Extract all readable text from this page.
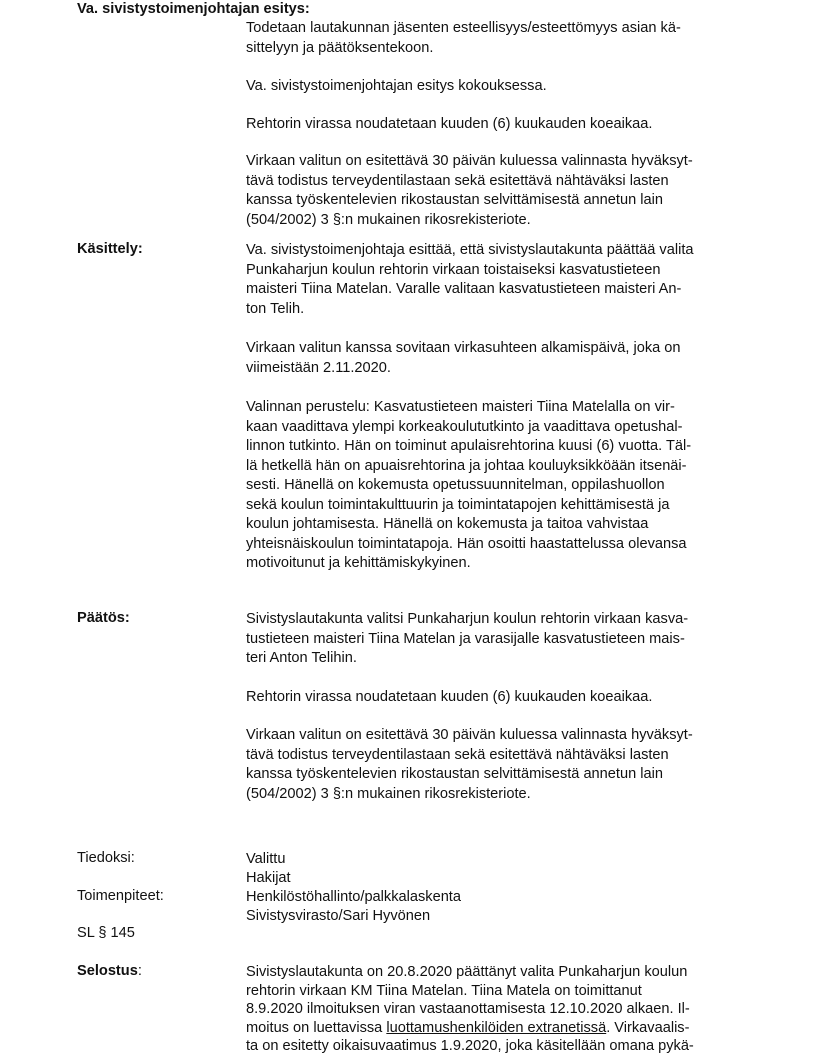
Va. sivistystoimenjohtajan esitys:

Todetaan lautakunnan jäsenten esteellisyys/esteettömyys asian kä-
sittelyyn ja päätöksentekoon.

Va. sivistystoimenjohtajan esitys kokouksessa.

Rehtorin virassa noudatetaan kuuden (6) kuukauden koeaikaa.

Virkaan valitun on esitettävä 30 päivän kuluessa valinnasta hyväksyt-
tävä todistus terveydentilastaan sekä esitettävä nähtäväksi lasten
kanssa työskentelevien rikostaustan selvittämisestä annetun lain
(504/2002) 3 §:n mukainen rikosrekisteriote.

Käsittely:	Va. sivistystoimenjohtaja esittää, että sivistyslautakunta päättää valita
Punkaharjun koulun rehtorin virkaan toistaiseksi kasvatustieteen
maisteri Tiina Matelan. Varalle valitaan kasvatustieteen maisteri An-
ton Telih.

Virkaan valitun kanssa sovitaan virkasuhteen alkamispäivä, joka on
viimeistään 2.11.2020.

Valinnan perustelu: Kasvatustieteen maisteri Tiina Matelalla on vir-
kaan vaadittava ylempi korkeakoulututkinto ja vaadittava opetushal-
linnon tutkinto. Hän on toiminut apulaisrehtorina kuusi (6) vuotta. Täl-
lä hetkellä hän on apuaisrehtorina ja johtaa kouluyksikköään itsenäi-
sesti. Hänellä on kokemusta opetussuunnitelman, oppilashuollon
sekä koulun toimintakulttuurin ja toimintatapojen kehittämisestä ja
koulun johtamisesta. Hänellä on kokemusta ja taitoa vahvistaa
yhteisnäiskoulun toimintatapoja. Hän osoitti haastattelussa olevansa
motivoitunut ja kehittämiskykyinen.

Päätös:	Sivistyslautakunta valitsi Punkaharjun koulun rehtorin virkaan kasva-
tustieteen maisteri Tiina Matelan ja varasijalle kasvatustieteen mais-
teri Anton Telihin.

Rehtorin virassa noudatetaan kuuden (6) kuukauden koeaikaa.

Virkaan valitun on esitettävä 30 päivän kuluessa valinnasta hyväksyt-
tävä todistus terveydentilastaan sekä esitettävä nähtäväksi lasten
kanssa työskentelevien rikostaustan selvittämisestä annetun lain
(504/2002) 3 §:n mukainen rikosrekisteriote.

Tiedoksi:	Valittu
Hakijat
Toimenpiteet:	Henkilöstöhallinto/palkkalaskenta
Sivistysvirasto/Sari Hyvönen
SL § 145
Selostus:	Sivistyslautakunta on 20.8.2020 päättänyt valita Punkaharjun koulun
rehtorin virkaan KM Tiina Matelan. Tiina Matela on toimittanut
8.9.2020 ilmoituksen viran vastaanottamisesta 12.10.2020 alkaen. Il-
moitus on luettavissa luottamushenkilöiden extranetissä. Virkavaalis-
ta on esitetty oikaisuvaatimus 1.9.2020, joka käsitellään omana pykä-
